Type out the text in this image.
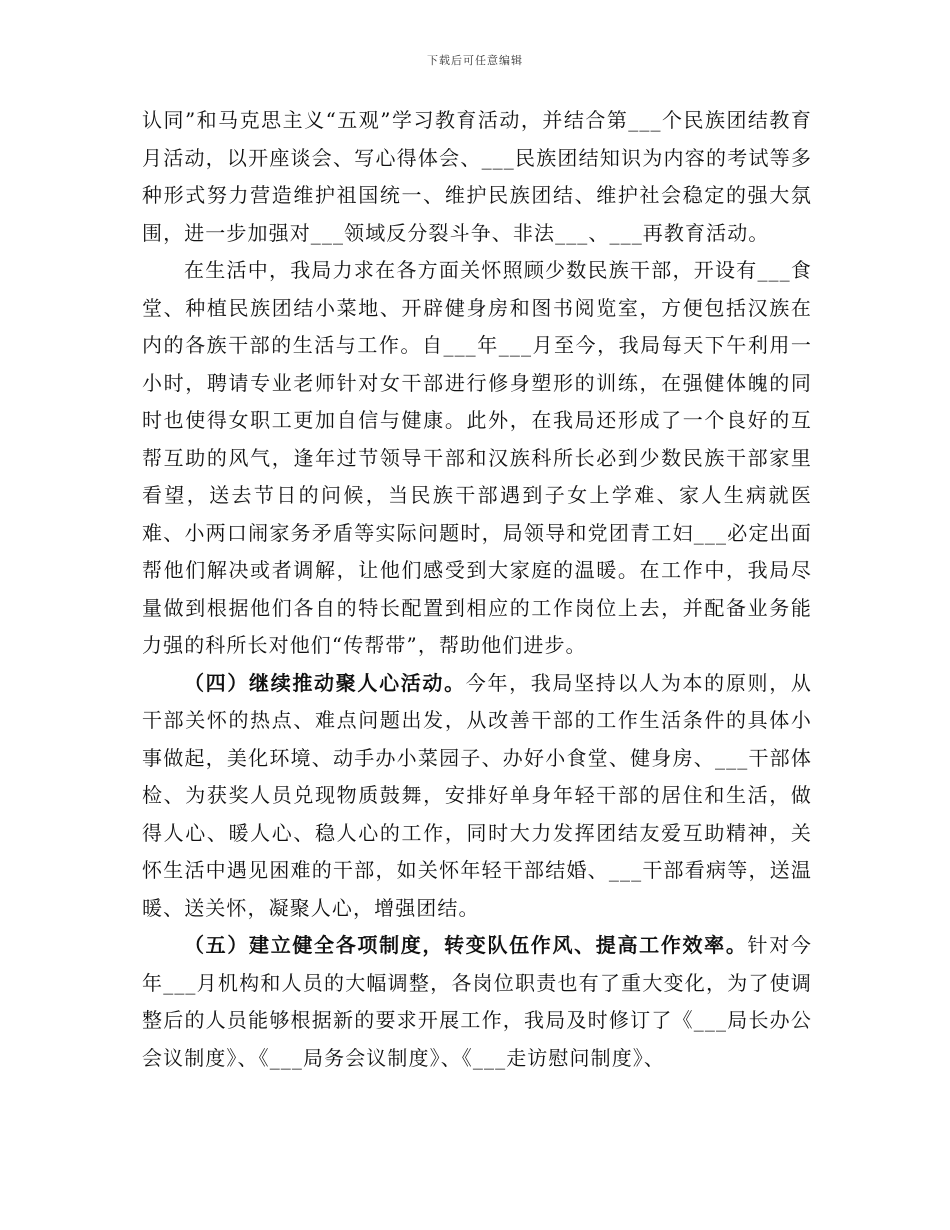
下载后可任意编辑

认同”和马克思主义“五观”学习教育活动，并结合第___个民族团结教育月活动，以开座谈会、写心得体会、___民族团结知识为内容的考试等多种形式努力营造维护祖国统一、维护民族团结、维护社会稳定的强大氛围，进一步加强对___领域反分裂斗争、非法___、___再教育活动。

在生活中，我局力求在各方面关怀照顾少数民族干部，开设有___食堂、种植民族团结小菜地、开辟健身房和图书阅览室，方便包括汉族在内的各族干部的生活与工作。自___年___月至今，我局每天下午利用一小时，聘请专业老师针对女干部进行修身塑形的训练，在强健体魄的同时也使得女职工更加自信与健康。此外，在我局还形成了一个良好的互帮互助的风气，逢年过节领导干部和汉族科所长必到少数民族干部家里看望，送去节日的问候，当民族干部遇到子女上学难、家人生病就医难、小两口闹家务矛盾等实际问题时，局领导和党团青工妇___必定出面帮他们解决或者调解，让他们感受到大家庭的温暖。在工作中，我局尽量做到根据他们各自的特长配置到相应的工作岗位上去，并配备业务能力强的科所长对他们“传帮带”，帮助他们进步。

（四）继续推动聚人心活动。今年，我局坚持以人为本的原则，从干部关怀的热点、难点问题出发，从改善干部的工作生活条件的具体小事做起，美化环境、动手办小菜园子、办好小食堂、健身房、___干部体检、为获奖人员兑现物质鼓舞，安排好单身年轻干部的居住和生活，做得人心、暖人心、稳人心的工作，同时大力发挥团结友爱互助精神，关怀生活中遇见困难的干部，如关怀年轻干部结婚、___干部看病等，送温暖、送关怀，凝聚人心，增强团结。

（五）建立健全各项制度，转变队伍作风、提高工作效率。针对今年___月机构和人员的大幅调整，各岗位职责也有了重大变化，为了使调整后的人员能够根据新的要求开展工作，我局及时修订了《___局长办公会议制度》、《___局务会议制度》、《___走访慰问制度》、
